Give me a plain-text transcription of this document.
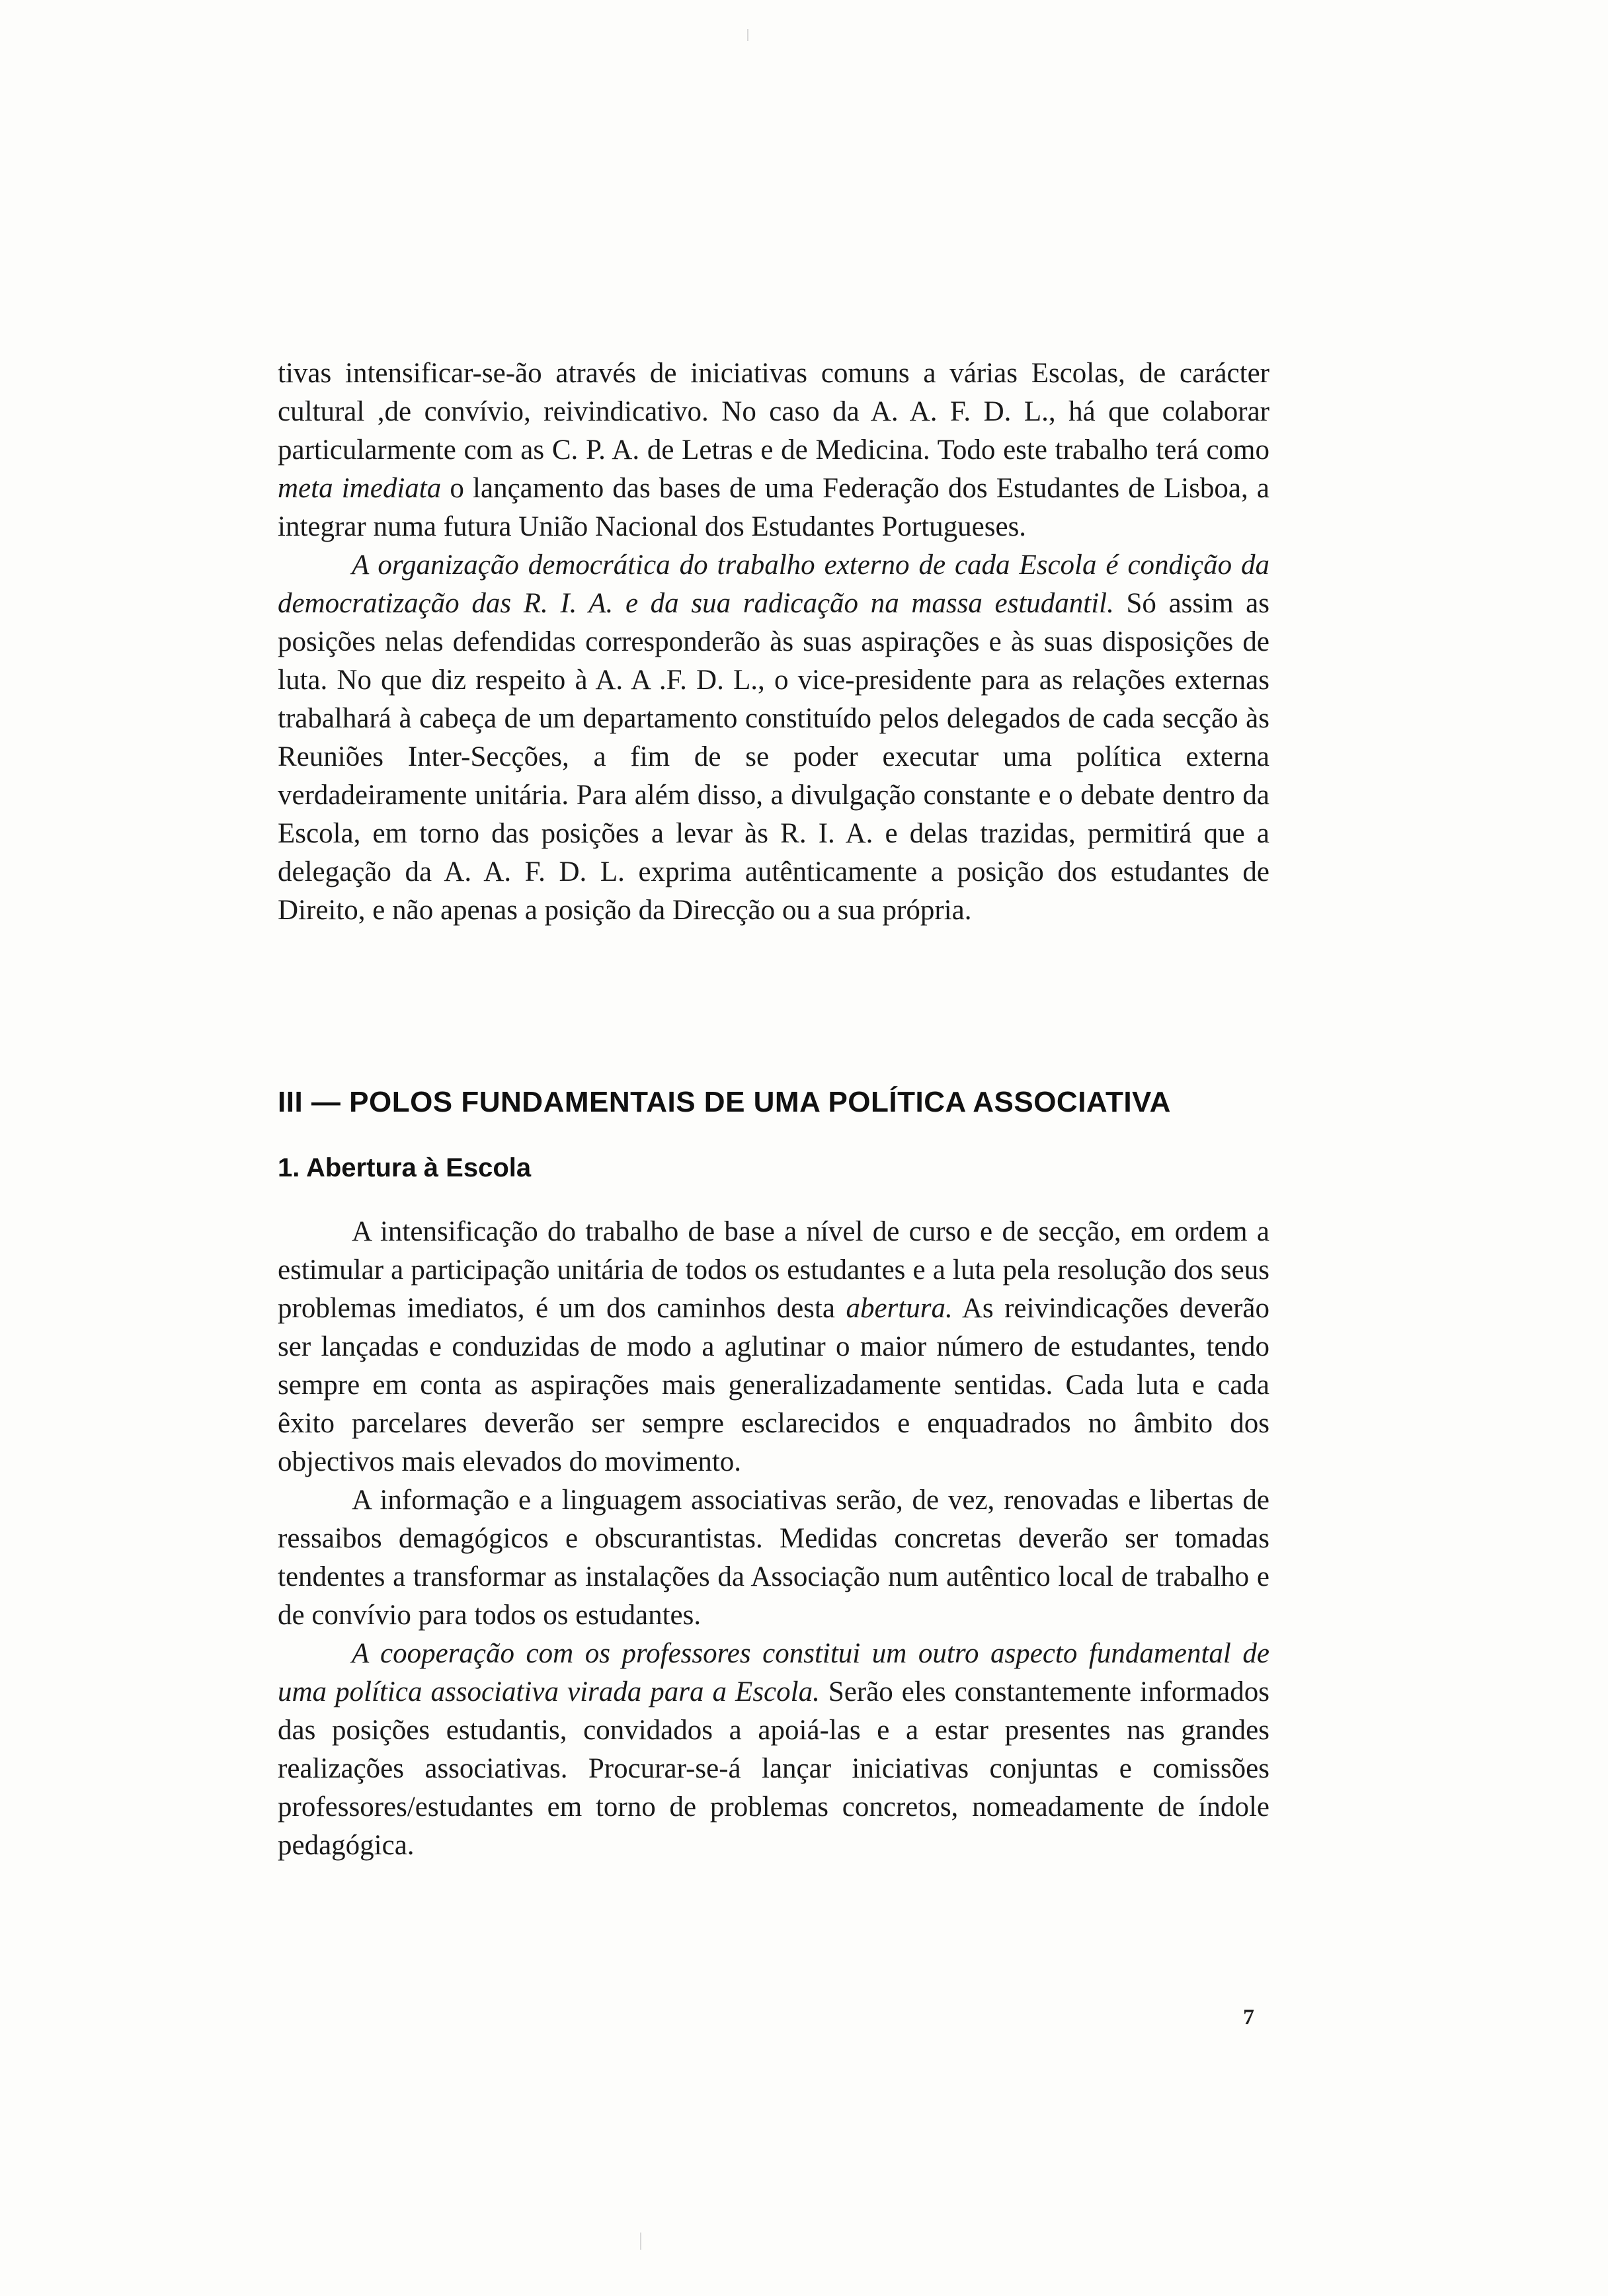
tivas intensificar-se-ão através de iniciativas comuns a várias Escolas, de carácter cultural ,de convívio, reivindicativo. No caso da A. A. F. D. L., há que colaborar particularmente com as C. P. A. de Letras e de Medicina. Todo este trabalho terá como meta imediata o lançamento das bases de uma Federação dos Estudantes de Lisboa, a integrar numa futura União Nacional dos Estudantes Portugueses.

A organização democrática do trabalho externo de cada Escola é condição da democratização das R. I. A. e da sua radicação na massa estudantil. Só assim as posições nelas defendidas corresponderão às suas aspirações e às suas disposições de luta. No que diz respeito à A. A .F. D. L., o vice-presidente para as relações externas trabalhará à cabeça de um departamento constituído pelos delegados de cada secção às Reuniões Inter-Secções, a fim de se poder executar uma política externa verdadeiramente unitária. Para além disso, a divulgação constante e o debate dentro da Escola, em torno das posições a levar às R. I. A. e delas trazidas, permitirá que a delegação da A. A. F. D. L. exprima autênticamente a posição dos estudantes de Direito, e não apenas a posição da Direcção ou a sua própria.

III — POLOS FUNDAMENTAIS DE UMA POLÍTICA ASSOCIATIVA
1. Abertura à Escola

A intensificação do trabalho de base a nível de curso e de secção, em ordem a estimular a participação unitária de todos os estudantes e a luta pela resolução dos seus problemas imediatos, é um dos caminhos desta abertura. As reivindicações deverão ser lançadas e conduzidas de modo a aglutinar o maior número de estudantes, tendo sempre em conta as aspirações mais generalizadamente sentidas. Cada luta e cada êxito parcelares deverão ser sempre esclarecidos e enquadrados no âmbito dos objectivos mais elevados do movimento.

A informação e a linguagem associativas serão, de vez, renovadas e libertas de ressaibos demagógicos e obscurantistas. Medidas concretas deverão ser tomadas tendentes a transformar as instalações da Associação num autêntico local de trabalho e de convívio para todos os estudantes.

A cooperação com os professores constitui um outro aspecto fundamental de uma política associativa virada para a Escola. Serão eles constantemente informados das posições estudantis, convidados a apoiá-las e a estar presentes nas grandes realizações associativas. Procurar-se-á lançar iniciativas conjuntas e comissões professores/estudantes em torno de problemas concretos, nomeadamente de índole pedagógica.

7
